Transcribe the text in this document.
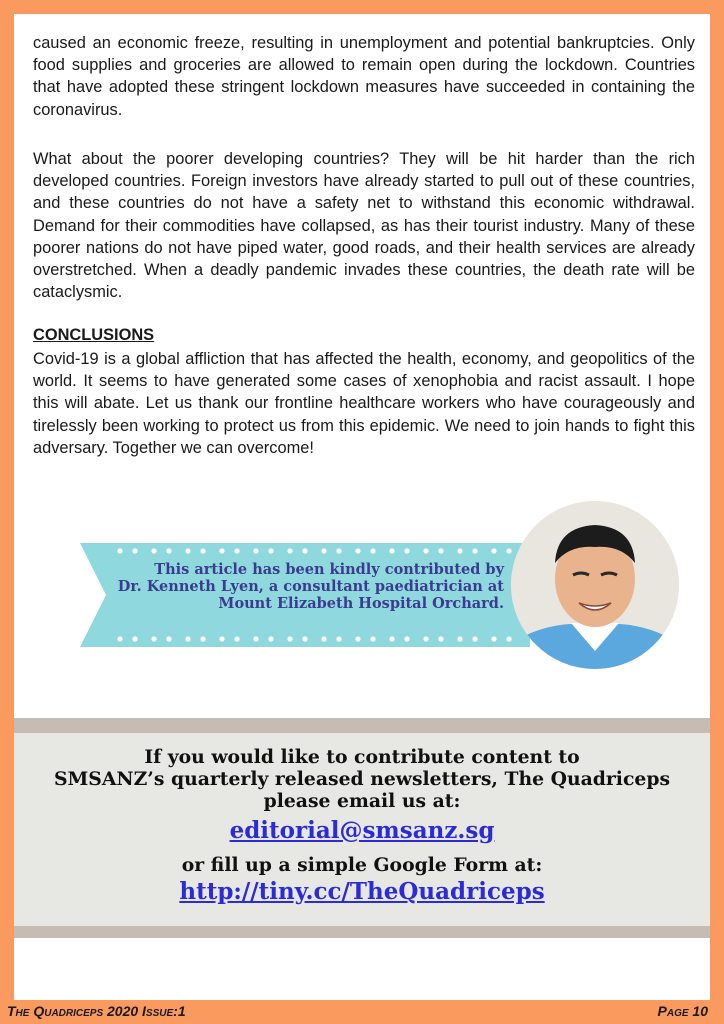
caused an economic freeze, resulting in unemployment and potential bankruptcies. Only food supplies and groceries are allowed to remain open during the lockdown. Countries that have adopted these stringent lockdown measures have succeeded in containing the coronavirus.

What about the poorer developing countries? They will be hit harder than the rich developed countries. Foreign investors have already started to pull out of these countries, and these countries do not have a safety net to withstand this economic withdrawal. Demand for their commodities have collapsed, as has their tourist industry. Many of these poorer nations do not have piped water, good roads, and their health services are already overstretched. When a deadly pandemic invades these countries, the death rate will be cataclysmic.

CONCLUSIONS

Covid-19 is a global affliction that has affected the health, economy, and geopolitics of the world. It seems to have generated some cases of xenophobia and racist assault. I hope this will abate. Let us thank our frontline healthcare workers who have courageously and tirelessly been working to protect us from this epidemic. We need to join hands to fight this adversary. Together we can overcome!

This article has been kindly contributed by
Dr. Kenneth Lyen, a consultant paediatrician at
Mount Elizabeth Hospital Orchard.
If you would like to contribute content to
SMSANZ’s quarterly released newsletters, The Quadriceps
please email us at:
editorial@smsanz.sg
or fill up a simple Google Form at:
http://tiny.cc/TheQuadriceps
The Quadriceps 2020 Issue:1	Page 10
